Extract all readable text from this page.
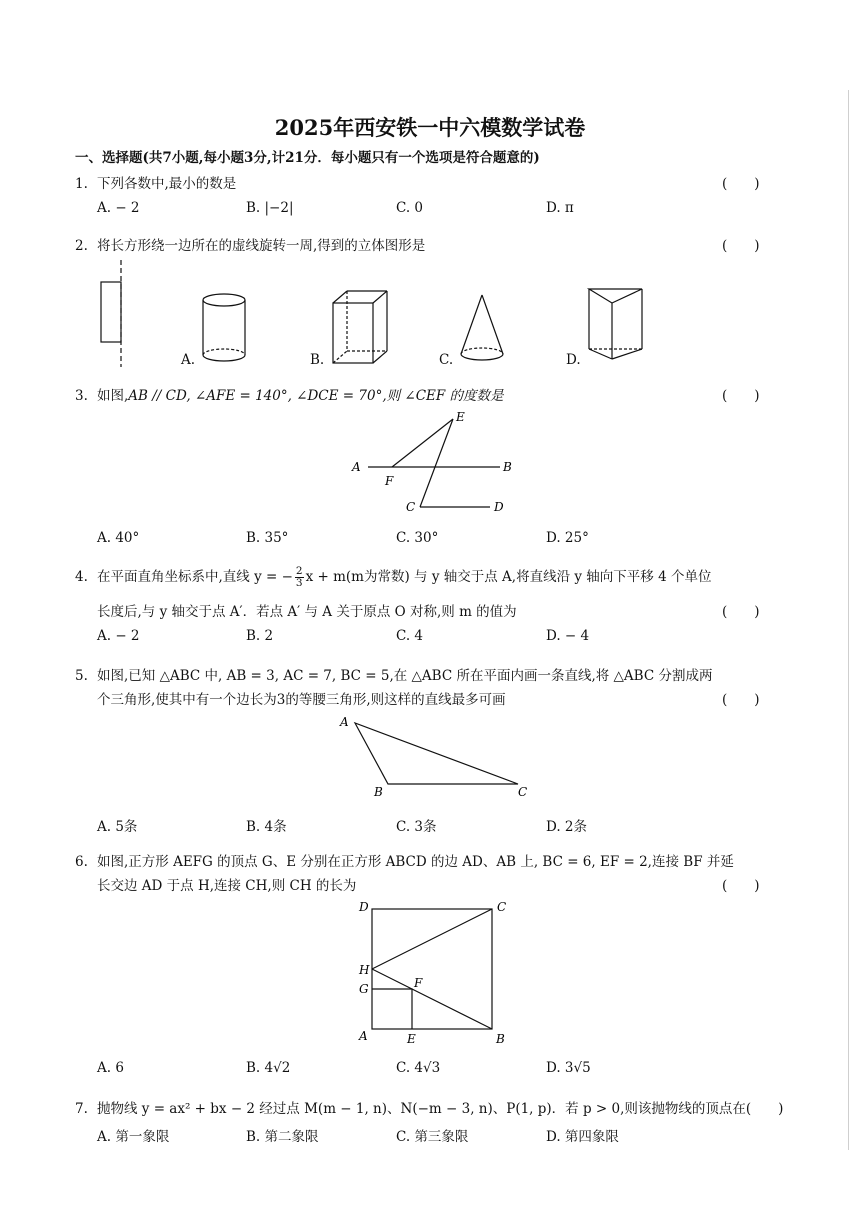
2025年西安铁一中六模数学试卷
一、选择题(共7小题,每小题3分,计21分．每小题只有一个选项是符合题意的)
1. 下列各数中,最小的数是	(　　)
A. − 2	B. |−2|	C. 0	D. π
2. 将长方形绕一边所在的虚线旋转一周,得到的立体图形是	(　　)
A.	B.	C.	D.
3. 如图,AB // CD, ∠AFE = 140°, ∠DCE = 70°,则 ∠CEF 的度数是	(　　)
E
A	B
F
C	D
A. 40°	B. 35°	C. 30°	D. 25°
4. 在平面直角坐标系中,直线 y = − $\frac{2}{3}$ x + m(m为常数) 与 y 轴交于点 A,将直线沿 y 轴向下平移 4 个单位
长度后,与 y 轴交于点 A′．若点 A′ 与 A 关于原点 O 对称,则 m 的值为	(　　)
A. − 2	B. 2	C. 4	D. − 4
5. 如图,已知 △ABC 中, AB = 3, AC = 7, BC = 5,在 △ABC 所在平面内画一条直线,将 △ABC 分割成两
个三角形,使其中有一个边长为3的等腰三角形,则这样的直线最多可画	(　　)
A
B	C
A. 5条	B. 4条	C. 3条	D. 2条
6. 如图,正方形 AEFG 的顶点 G、E 分别在正方形 ABCD 的边 AD、AB 上, BC = 6, EF = 2,连接 BF 并延
长交边 AD 于点 H,连接 CH,则 CH 的长为	(　　)
D	C
H
G	F
A	E	B
A. 6	B. 4√2	C. 4√3	D. 3√5
7. 抛物线 y = ax² + bx − 2 经过点 M(m − 1, n)、N(−m − 3, n)、P(1, p)．若 p > 0,则该抛物线的顶点在(　　)
A. 第一象限	B. 第二象限	C. 第三象限	D. 第四象限
